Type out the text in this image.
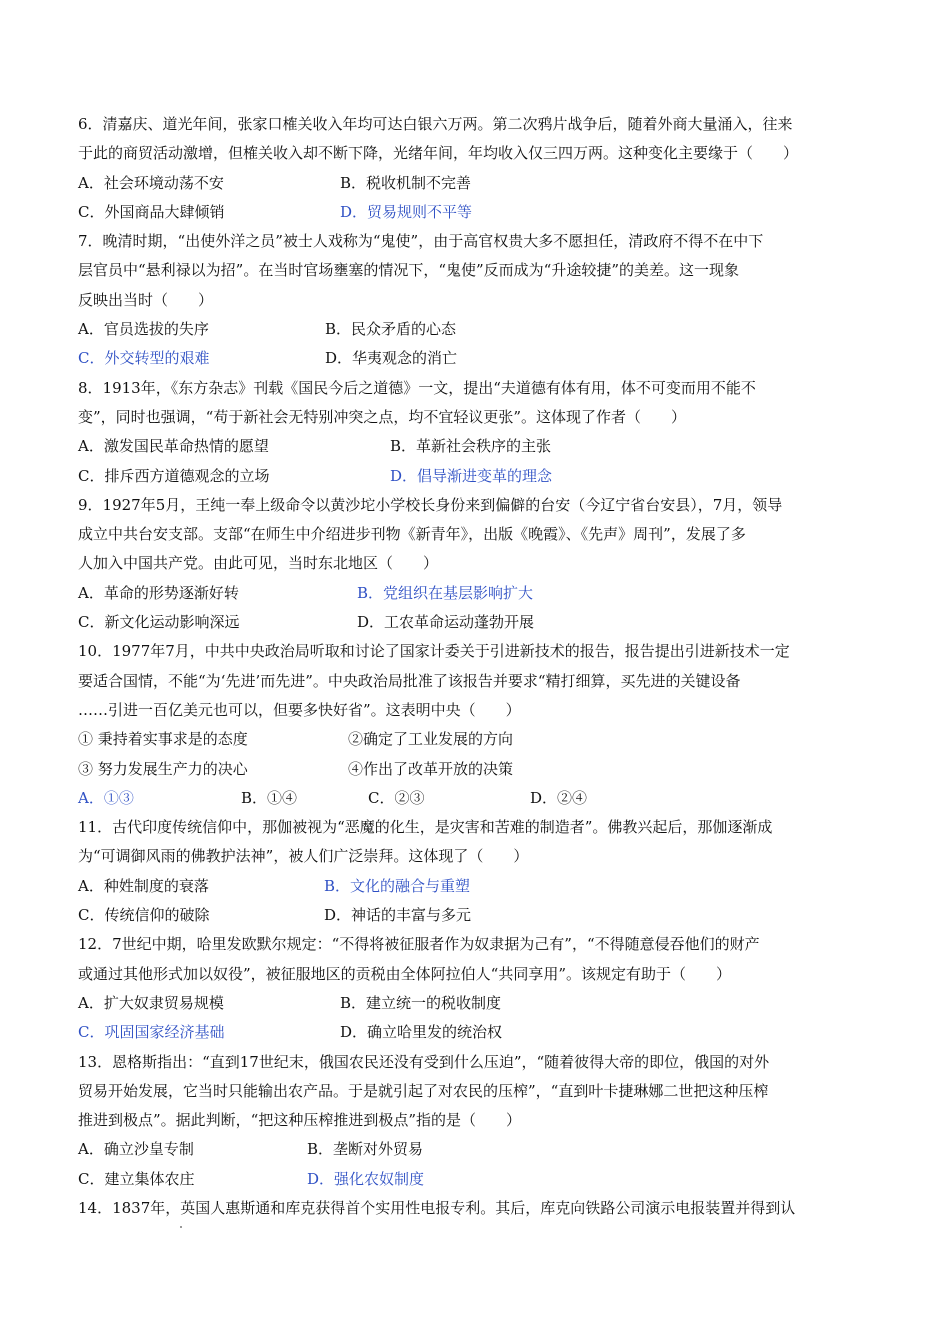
6．清嘉庆、道光年间，张家口榷关收入年均可达白银六万两。第二次鸦片战争后，随着外商大量涌入，往来
于此的商贸活动激增，但榷关收入却不断下降，光绪年间，年均收入仅三四万两。这种变化主要缘于（　　）
A．社会环境动荡不安	B．税收机制不完善
C．外国商品大肆倾销	D．贸易规则不平等
7．晚清时期，“出使外洋之员”被士人戏称为“鬼使”，由于高官权贵大多不愿担任，清政府不得不在中下
层官员中“悬利禄以为招”。在当时官场壅塞的情况下，“鬼使”反而成为“升途较捷”的美差。这一现象
反映出当时（　　）
A．官员选拔的失序	B．民众矛盾的心态
C．外交转型的艰难	D．华夷观念的消亡
8．1913年，《东方杂志》刊载《国民今后之道德》一文，提出“夫道德有体有用，体不可变而用不能不
变”，同时也强调，“苟于新社会无特别冲突之点，均不宜轻议更张”。这体现了作者（　　）
A．激发国民革命热情的愿望	B．革新社会秩序的主张
C．排斥西方道德观念的立场	D．倡导渐进变革的理念
9．1927年5月，王纯一奉上级命令以黄沙坨小学校长身份来到偏僻的台安（今辽宁省台安县），7月，领导
成立中共台安支部。支部“在师生中介绍进步刊物《新青年》，出版《晚霞》、《先声》周刊”，发展了多
人加入中国共产党。由此可见，当时东北地区（　　）
A．革命的形势逐渐好转	B．党组织在基层影响扩大
C．新文化运动影响深远	D．工农革命运动蓬勃开展
10．1977年7月，中共中央政治局听取和讨论了国家计委关于引进新技术的报告，报告提出引进新技术一定
要适合国情，不能“为‘先进’而先进”。中央政治局批准了该报告并要求“精打细算，买先进的关键设备
……引进一百亿美元也可以，但要多快好省”。这表明中央（　　）
① 秉持着实事求是的态度	②确定了工业发展的方向
③ 努力发展生产力的决心	④作出了改革开放的决策
A．①③	B．①④	C．②③	D．②④
11．古代印度传统信仰中，那伽被视为“恶魔的化生，是灾害和苦难的制造者”。佛教兴起后，那伽逐渐成
为“可调御风雨的佛教护法神”，被人们广泛崇拜。这体现了（　　）
A．种姓制度的衰落	B．文化的融合与重塑
C．传统信仰的破除	D．神话的丰富与多元
12．7世纪中期，哈里发欧默尔规定：“不得将被征服者作为奴隶据为己有”，“不得随意侵吞他们的财产
或通过其他形式加以奴役”，被征服地区的贡税由全体阿拉伯人“共同享用”。该规定有助于（　　）
A．扩大奴隶贸易规模	B．建立统一的税收制度
C．巩固国家经济基础	D．确立哈里发的统治权
13．恩格斯指出：“直到17世纪末，俄国农民还没有受到什么压迫”，“随着彼得大帝的即位，俄国的对外
贸易开始发展，它当时只能输出农产品。于是就引起了对农民的压榨”，“直到叶卡捷琳娜二世把这种压榨
推进到极点”。据此判断，“把这种压榨推进到极点”指的是（　　）
A．确立沙皇专制	B．垄断对外贸易
C．建立集体农庄	D．强化农奴制度
14．1837年，英国人惠斯通和库克获得首个实用性电报专利。其后，库克向铁路公司演示电报装置并得到认
